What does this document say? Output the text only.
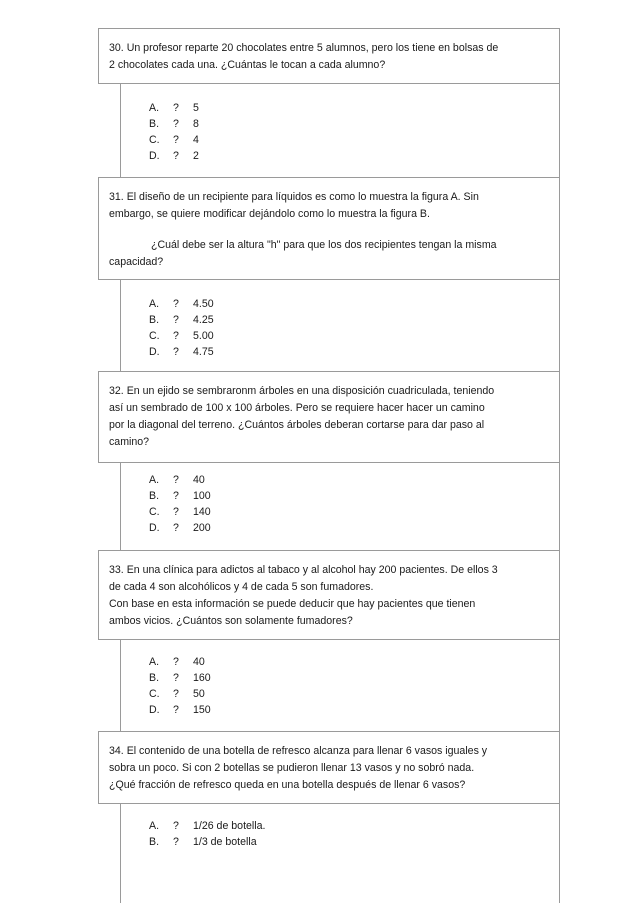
30. Un profesor reparte 20 chocolates entre 5 alumnos, pero los tiene en bolsas de

2 chocolates cada una. ¿Cuántas le tocan a cada alumno?

A.	?	5
B.	?	8
C.	?	4
D.	?	2

31. El diseño de un recipiente para líquidos es como lo muestra la figura A. Sin

embargo, se quiere modificar dejándolo como lo muestra la figura B.

¿Cuál debe ser la altura "h" para que los dos recipientes tengan la misma

capacidad?

A.	?	4.50
B.	?	4.25
C.	?	5.00
D.	?	4.75

32. En un ejido se sembraronm árboles en una disposición cuadriculada, teniendo

así un sembrado de 100 x 100 árboles. Pero se requiere hacer hacer un camino

por la diagonal del terreno. ¿Cuántos árboles deberan cortarse para dar paso al

camino?

A.	?	40
B.	?	100
C.	?	140
D.	?	200

33. En una clínica para adictos al tabaco y al alcohol hay 200 pacientes. De ellos 3

de cada 4 son alcohólicos y 4 de cada 5 son fumadores.

Con base en esta información se puede deducir que hay pacientes que tienen

ambos vicios. ¿Cuántos son solamente fumadores?

A.	?	40
B.	?	160
C.	?	50
D.	?	150

34. El contenido de una botella de refresco alcanza para llenar 6 vasos iguales y

sobra un poco. Si con 2 botellas se pudieron llenar 13 vasos y no sobró nada.

¿Qué fracción de refresco queda en una botella después de llenar 6 vasos?

A.	?	1/26 de botella.
B.	?	1/3 de botella
